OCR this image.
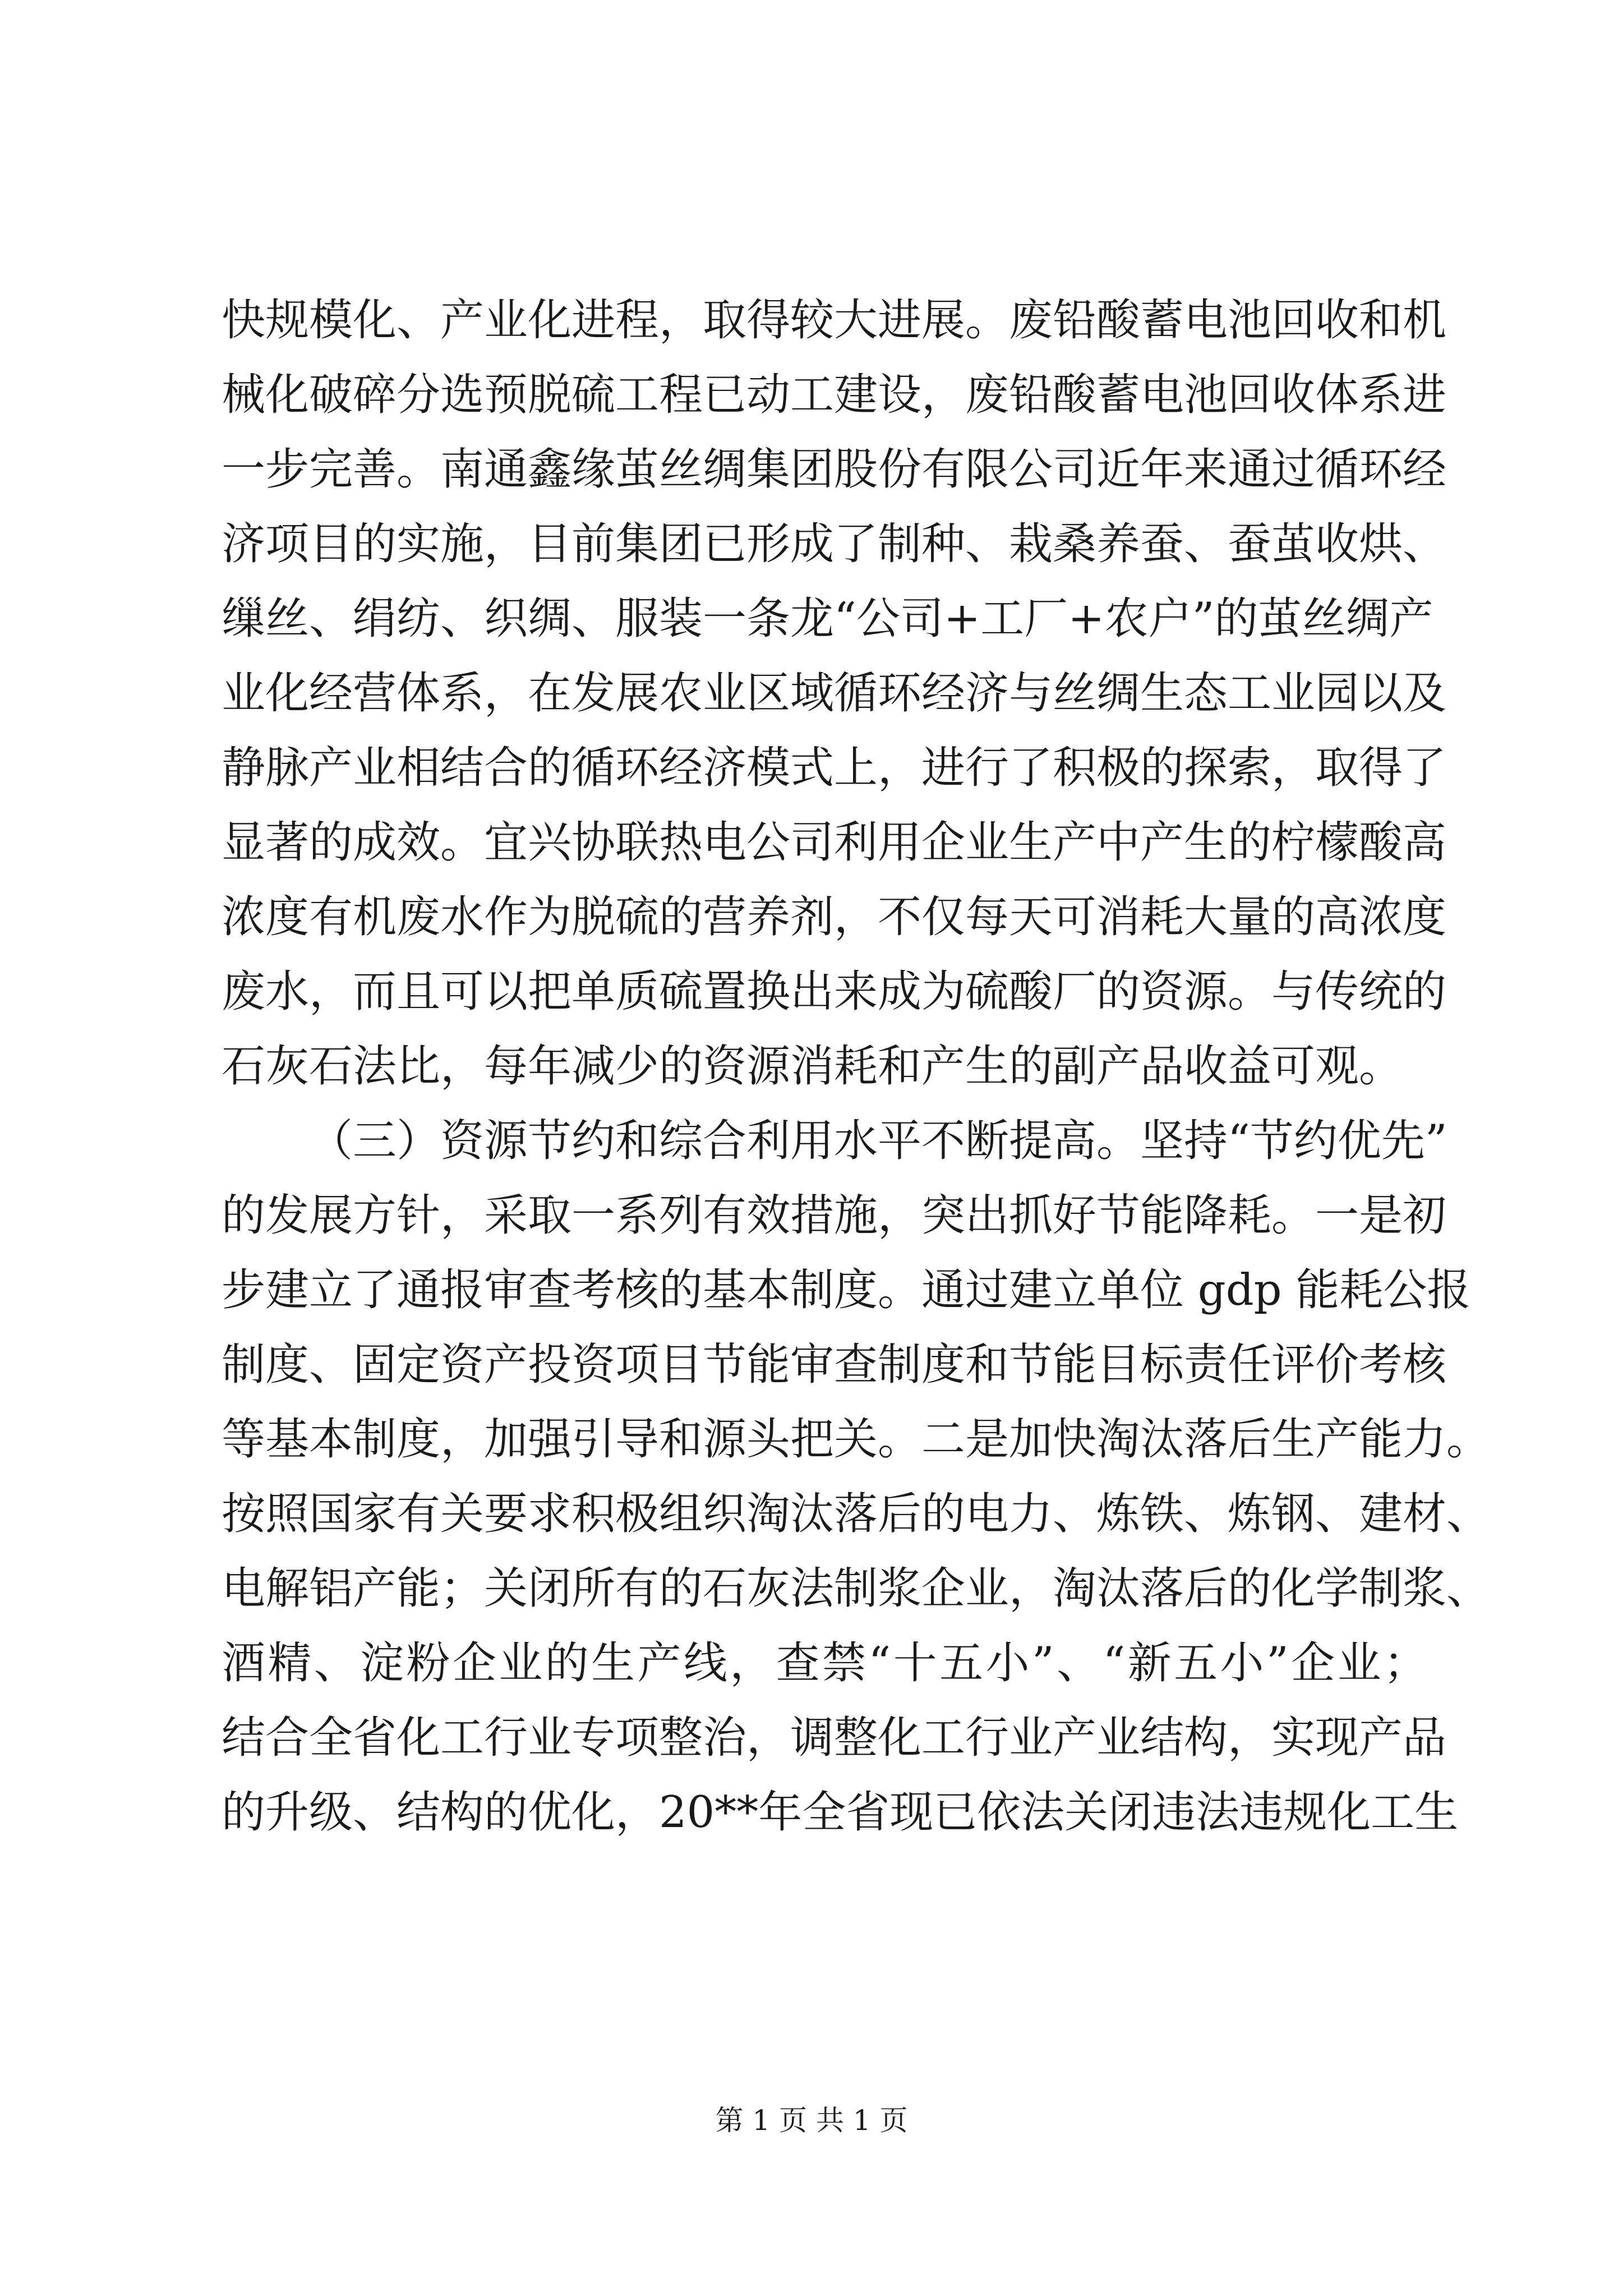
快规模化、产业化进程，取得较大进展。废铅酸蓄电池回收和机
械化破碎分选预脱硫工程已动工建设，废铅酸蓄电池回收体系进
一步完善。南通鑫缘茧丝绸集团股份有限公司近年来通过循环经
济项目的实施，目前集团已形成了制种、栽桑养蚕、蚕茧收烘、
缫丝、绢纺、织绸、服装一条龙“公司+工厂+农户”的茧丝绸产
业化经营体系，在发展农业区域循环经济与丝绸生态工业园以及
静脉产业相结合的循环经济模式上，进行了积极的探索，取得了
显著的成效。宜兴协联热电公司利用企业生产中产生的柠檬酸高
浓度有机废水作为脱硫的营养剂，不仅每天可消耗大量的高浓度
废水，而且可以把单质硫置换出来成为硫酸厂的资源。与传统的
石灰石法比，每年减少的资源消耗和产生的副产品收益可观。
（三）资源节约和综合利用水平不断提高。坚持“节约优先”
的发展方针，采取一系列有效措施，突出抓好节能降耗。一是初
步建立了通报审查考核的基本制度。通过建立单位 gdp 能耗公报
制度、固定资产投资项目节能审查制度和节能目标责任评价考核
等基本制度，加强引导和源头把关。二是加快淘汰落后生产能力。
按照国家有关要求积极组织淘汰落后的电力、炼铁、炼钢、建材、
电解铝产能；关闭所有的石灰法制浆企业，淘汰落后的化学制浆、
酒精、淀粉企业的生产线，查禁“十五小”、“新五小”企业；
结合全省化工行业专项整治，调整化工行业产业结构，实现产品
的升级、结构的优化，20**年全省现已依法关闭违法违规化工生
第 1 页 共 1 页
